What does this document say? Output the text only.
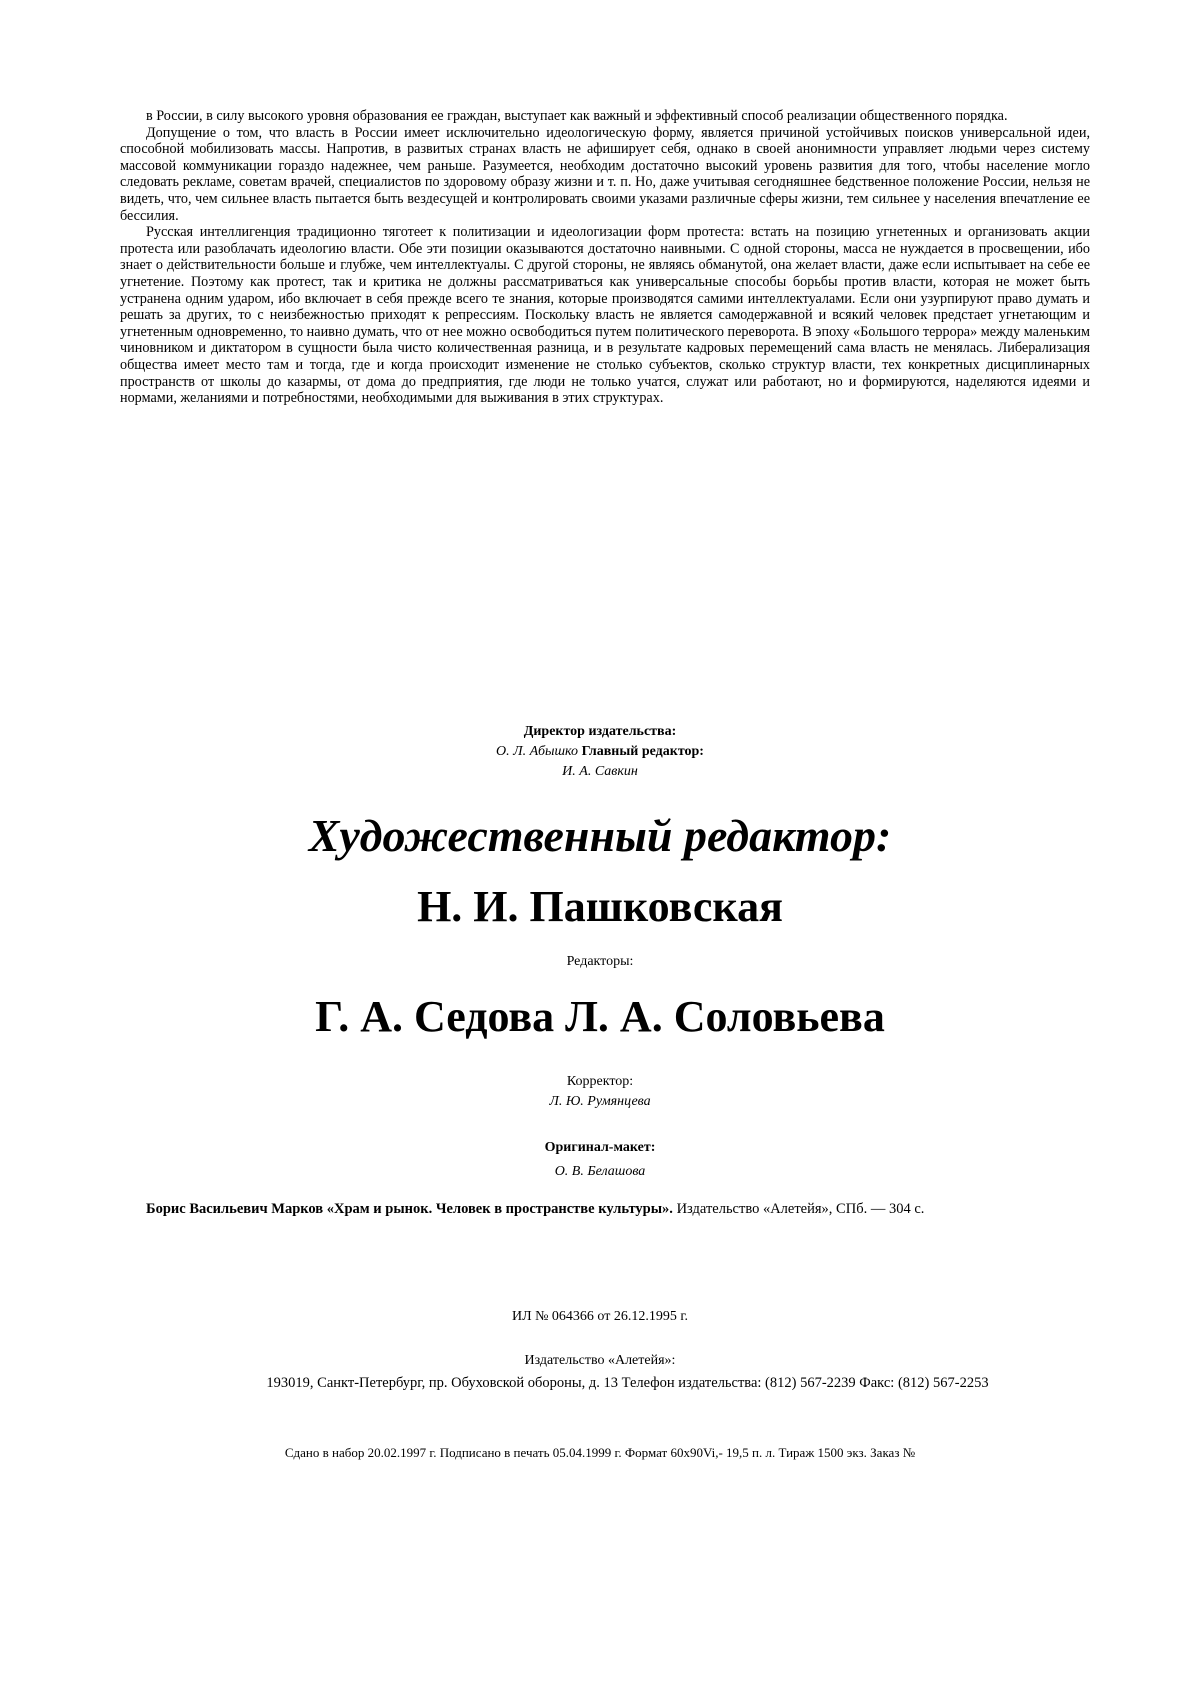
в России, в силу высокого уровня образования ее граждан, выступает как важный и эффективный способ реализации общественного порядка.

Допущение о том, что власть в России имеет исключительно идеологическую форму, является причиной устойчивых поисков универсальной идеи, способной мобилизовать массы. Напротив, в развитых странах власть не афиширует себя, однако в своей анонимности управляет людьми через систему массовой коммуникации гораздо надежнее, чем раньше. Разумеется, необходим достаточно высокий уровень развития для того, чтобы население могло следовать рекламе, советам врачей, специалистов по здоровому образу жизни и т. п. Но, даже учитывая сегодняшнее бедственное положение России, нельзя не видеть, что, чем сильнее власть пытается быть вездесущей и контролировать своими указами различные сферы жизни, тем сильнее у населения впечатление ее бессилия.

Русская интеллигенция традиционно тяготеет к политизации и идеологизации форм протеста: встать на позицию угнетенных и организовать акции протеста или разоблачать идеологию власти. Обе эти позиции оказываются достаточно наивными. С одной стороны, масса не нуждается в просвещении, ибо знает о действительности больше и глубже, чем интеллектуалы. С другой стороны, не являясь обманутой, она желает власти, даже если испытывает на себе ее угнетение. Поэтому как протест, так и критика не должны рассматриваться как универсальные способы борьбы против власти, которая не может быть устранена одним ударом, ибо включает в себя прежде всего те знания, которые производятся самими интеллектуалами. Если они узурпируют право думать и решать за других, то с неизбежностью приходят к репрессиям. Поскольку власть не является самодержавной и всякий человек предстает угнетающим и угнетенным одновременно, то наивно думать, что от нее можно освободиться путем политического переворота. В эпоху «Большого террора» между маленьким чиновником и диктатором в сущности была чисто количественная разница, и в результате кадровых перемещений сама власть не менялась. Либерализация общества имеет место там и тогда, где и когда происходит изменение не столько субъектов, сколько структур власти, тех конкретных дисциплинарных пространств от школы до казармы, от дома до предприятия, где люди не только учатся, служат или работают, но и формируются, наделяются идеями и нормами, желаниями и потребностями, необходимыми для выживания в этих структурах.

Директор издательства:
О. Л. Абышко Главный редактор:
И. А. Савкин
Художественный редактор:
Н. И. Пашковская
Редакторы:
Г. А. Седова Л. А. Соловьева
Корректор:
Л. Ю. Румянцева
Оригинал-макет:
О. В. Белашова
Борис Васильевич Марков «Храм и рынок. Человек в пространстве культуры». Издательство «Алетейя», СПб. — 304 с.
ИЛ № 064366 от 26.12.1995 г.
Издательство «Алетейя»:
193019, Санкт-Петербург, пр. Обуховской обороны, д. 13 Телефон издательства: (812) 567-2239 Факс: (812) 567-2253
Сдано в набор 20.02.1997 г. Подписано в печать 05.04.1999 г. Формат 60x90Vi,- 19,5 п. л. Тираж 1500 экз. Заказ №
